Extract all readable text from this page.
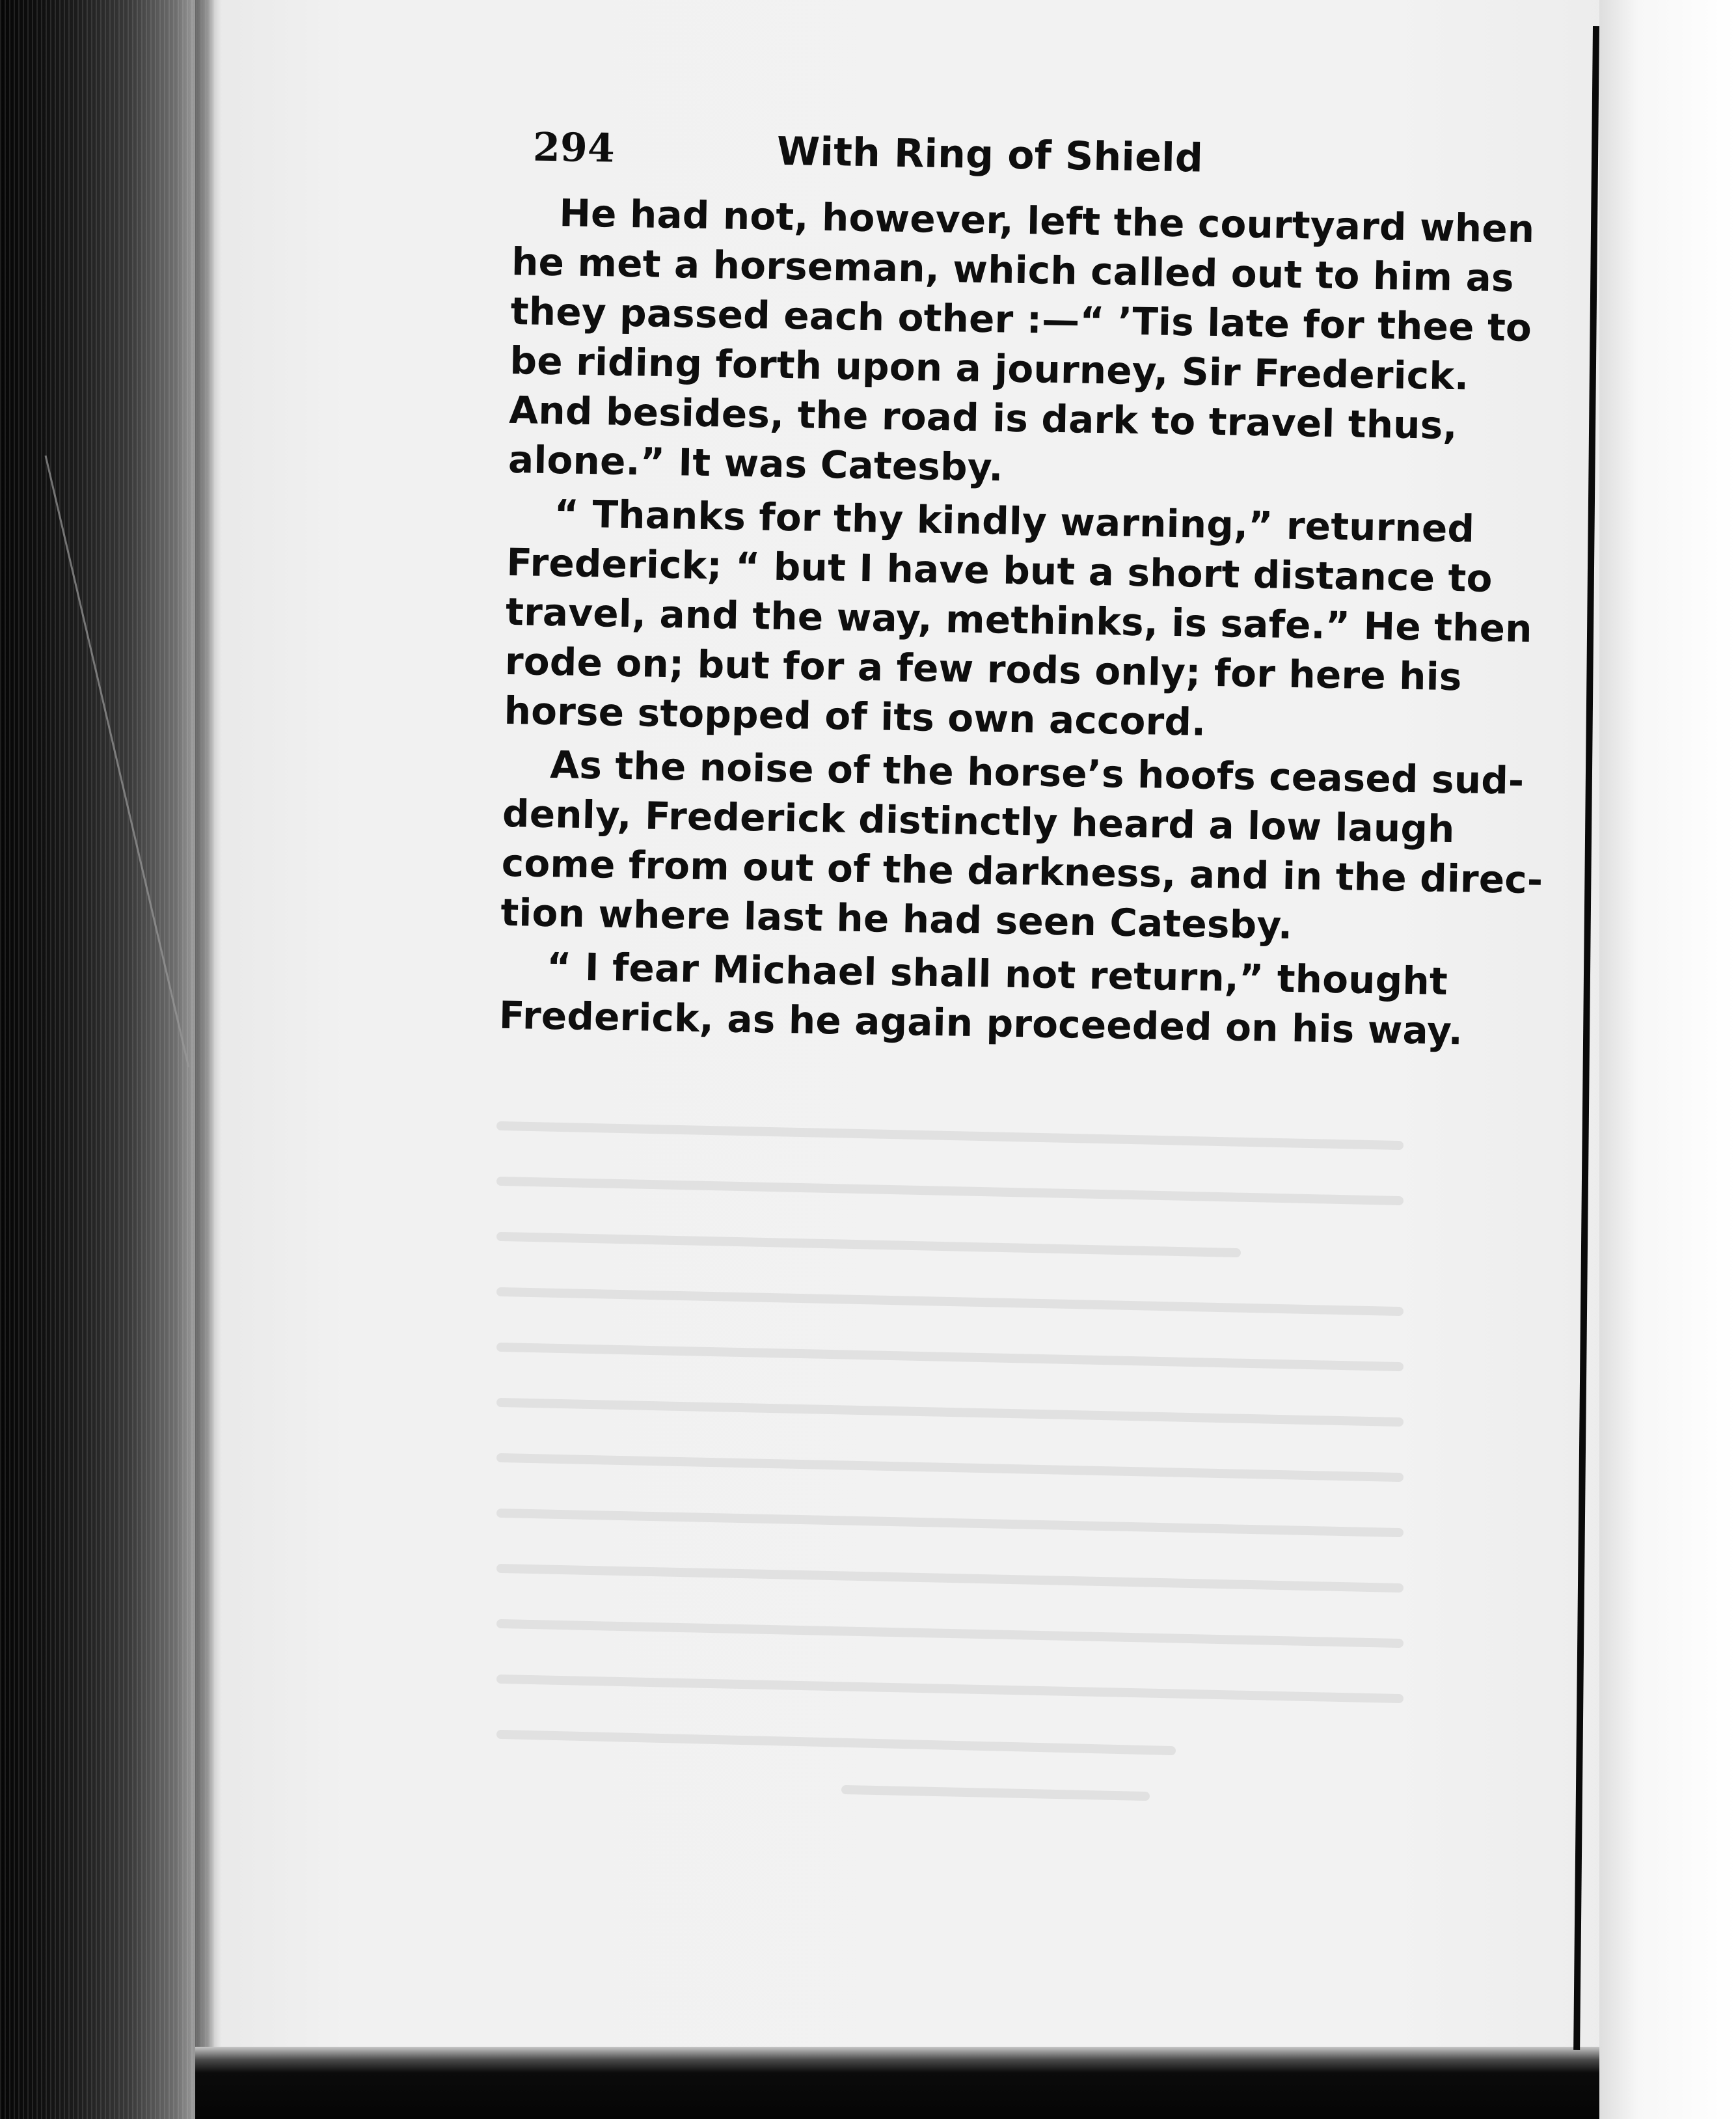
294	With Ring of Shield
He had not, however, left the courtyard when
he met a horseman, which called out to him as
they passed each other :—“ ’Tis late for thee to
be riding forth upon a journey, Sir Frederick.
And besides, the road is dark to travel thus,
alone.” It was Catesby.
“ Thanks for thy kindly warning,” returned
Frederick; “ but I have but a short distance to
travel, and the way, methinks, is safe.” He then
rode on; but for a few rods only; for here his
horse stopped of its own accord.
As the noise of the horse’s hoofs ceased sud-
denly, Frederick distinctly heard a low laugh
come from out of the darkness, and in the direc-
tion where last he had seen Catesby.
“ I fear Michael shall not return,” thought
Frederick, as he again proceeded on his way.
